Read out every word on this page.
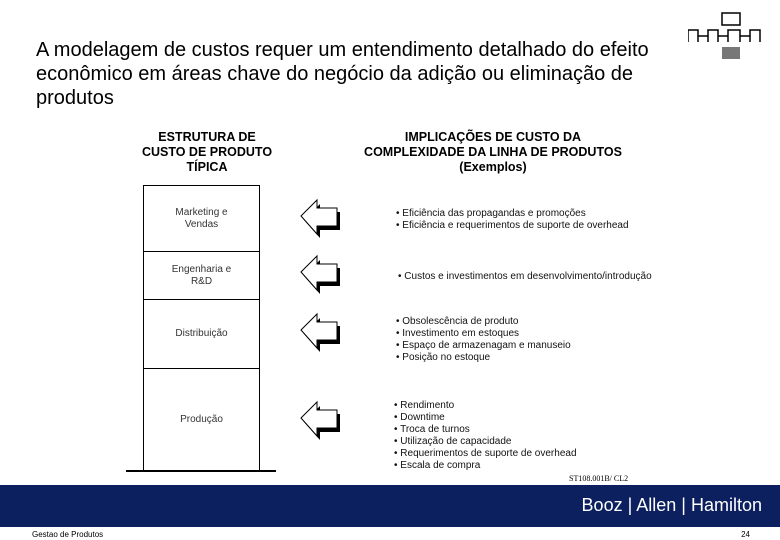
A modelagem de custos requer um entendimento detalhado do efeito econômico em áreas chave do negócio da adição ou eliminação de produtos
ESTRUTURA DE
CUSTO DE PRODUTO
TÍPICA
IMPLICAÇÕES DE CUSTO DA
COMPLEXIDADE DA LINHA DE PRODUTOS
(Exemplos)
Marketing e Vendas
Engenharia e R&D
Distribuição
Produção
• Eficiência das propagandas e promoções
• Eficiência e requerimentos de suporte de overhead
• Custos e investimentos em desenvolvimento/introdução
• Obsolescência de produto
• Investimento em estoques
• Espaço de armazenagam e manuseio
• Posição no estoque
• Rendimento
• Downtime
• Troca de turnos
• Utilização de capacidade
• Requerimentos de suporte de overhead
• Escala de compra
ST108.001B/ CL2
Booz | Allen | Hamilton
Gestao de Produtos	24
